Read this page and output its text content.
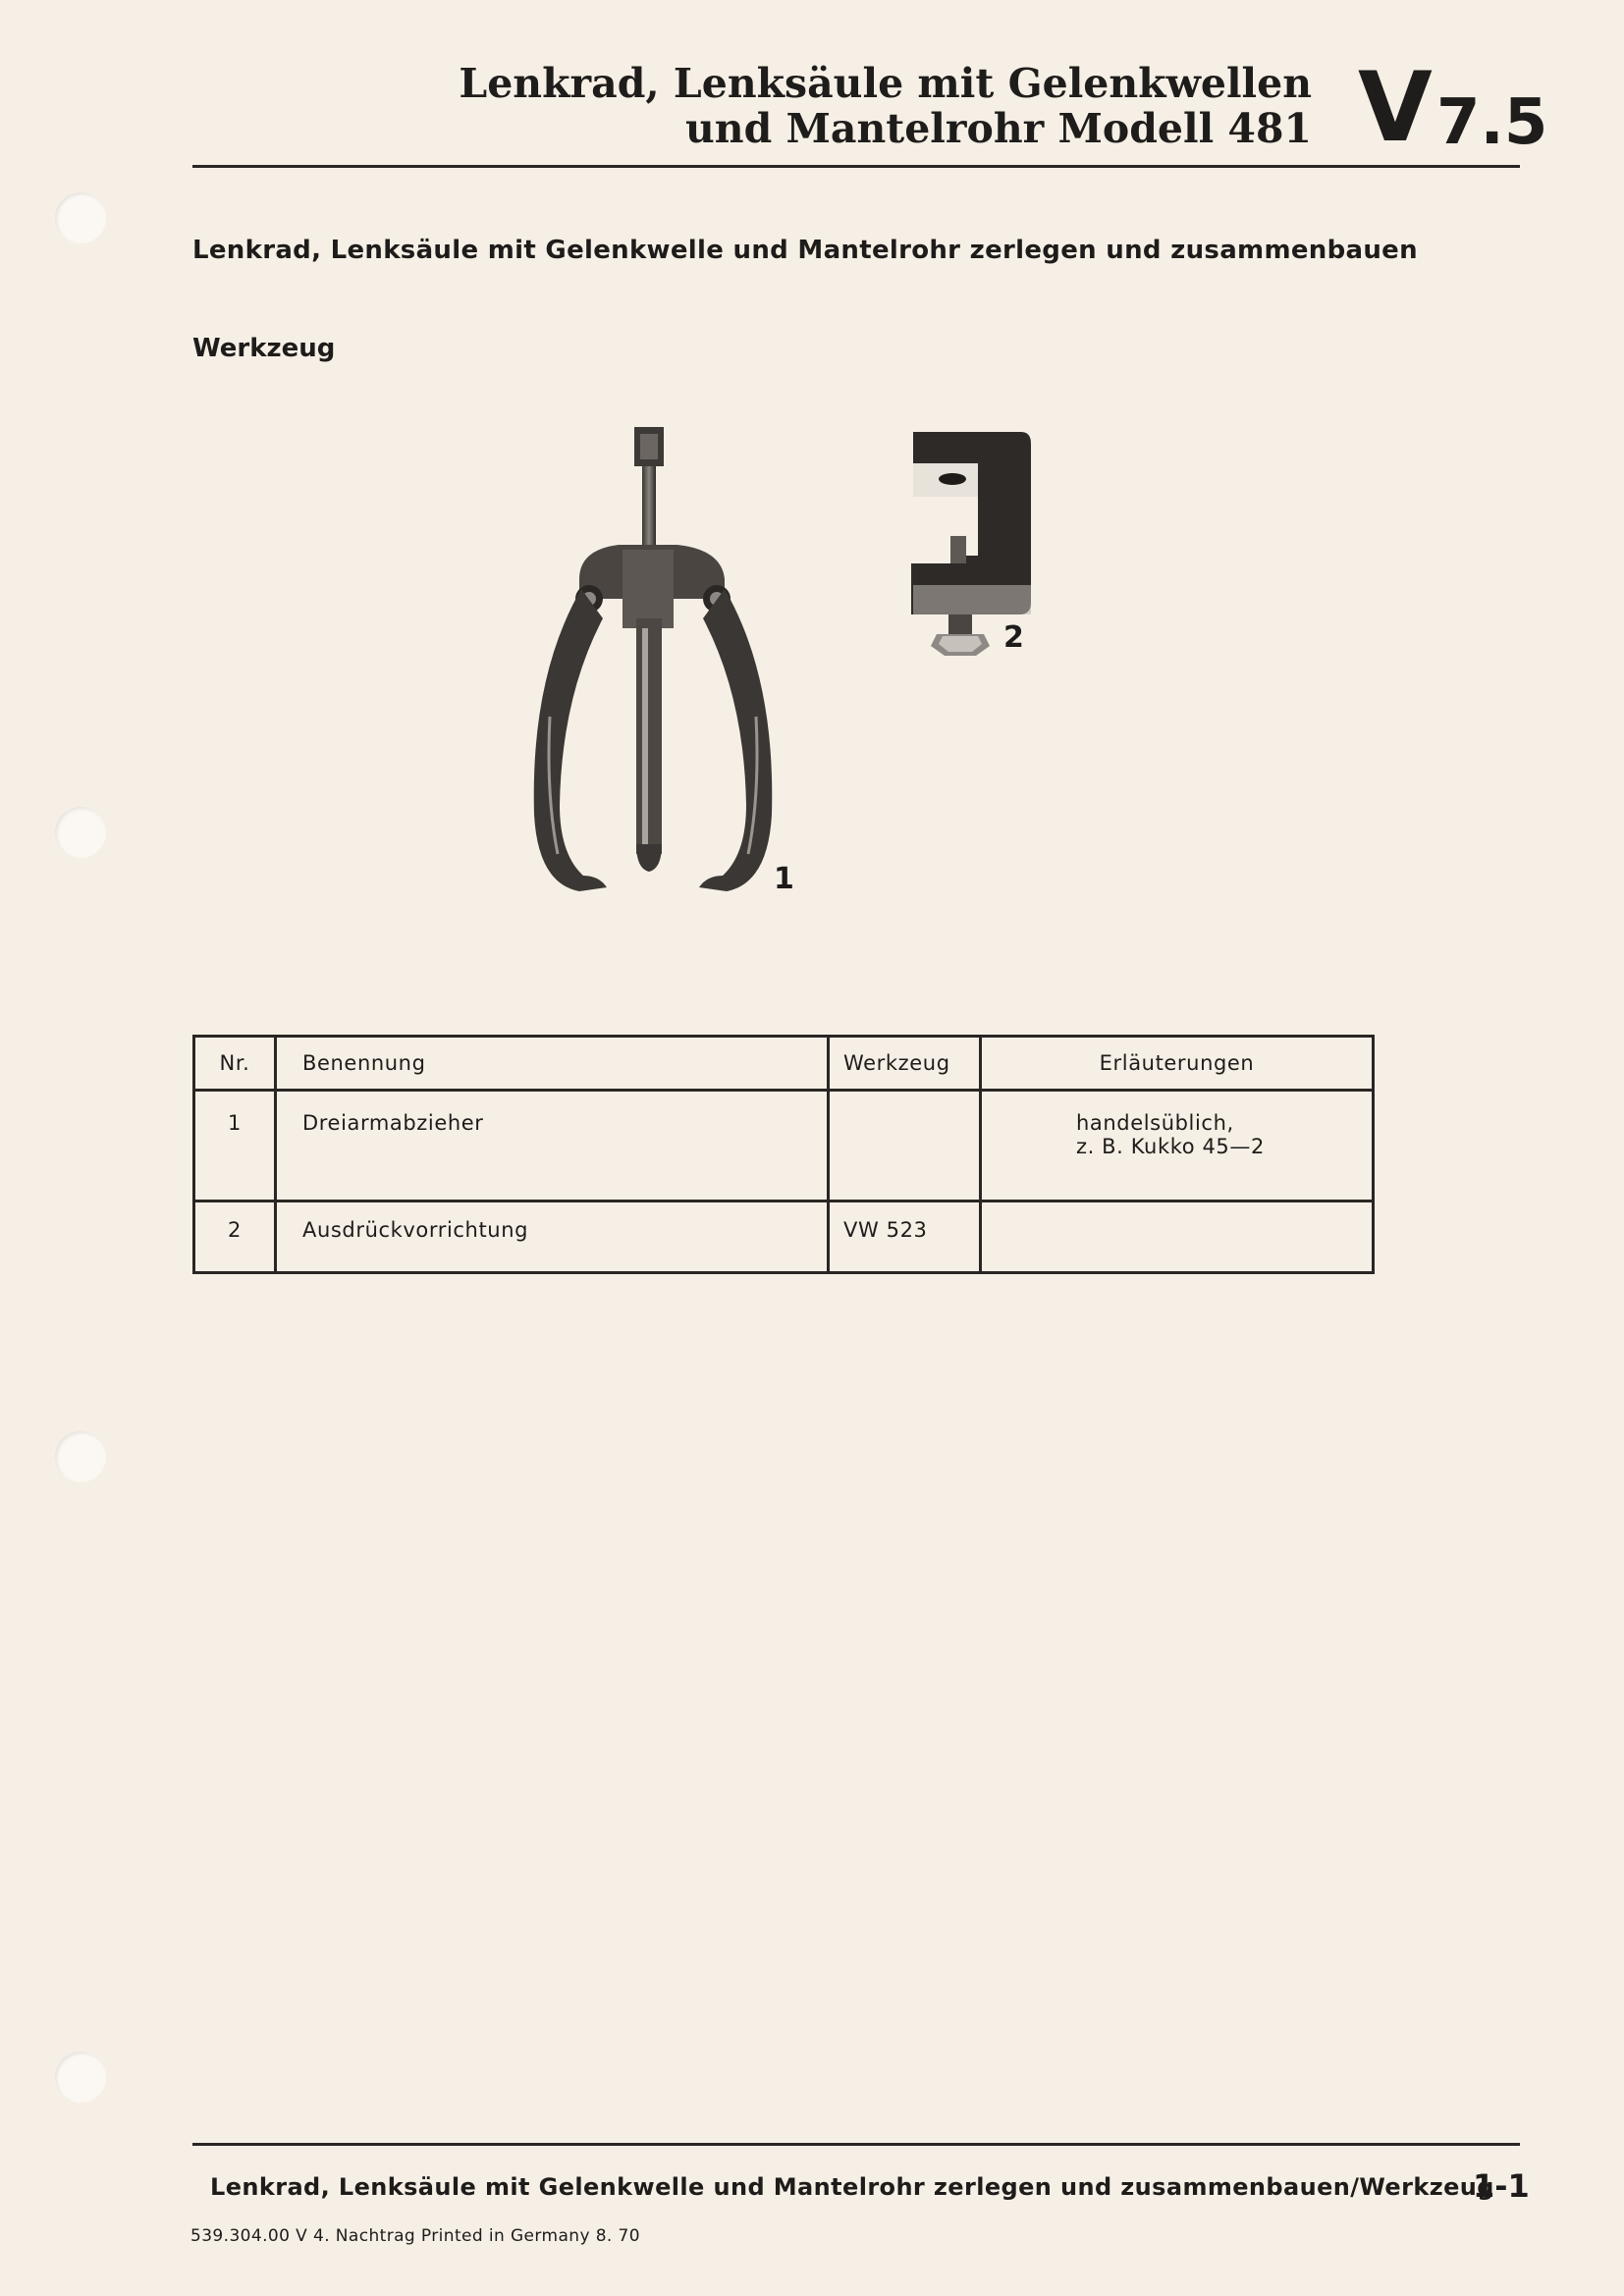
Lenkrad, Lenksäule mit Gelenkwellen
und Mantelrohr Modell 481 V 7.5
Lenkrad, Lenksäule mit Gelenkwelle und Mantelrohr zerlegen und zusammenbauen
Werkzeug
1
2
Nr.	Benennung	Werkzeug	Erläuterungen
1	Dreiarmabzieher		handelsüblich,
z. B. Kukko 45—2

2	Ausdrückvorrichtung	VW 523	
Lenkrad, Lenksäule mit Gelenkwelle und Mantelrohr zerlegen und zusammenbauen/Werkzeug
1-1
539.304.00 V 4. Nachtrag Printed in Germany 8. 70
